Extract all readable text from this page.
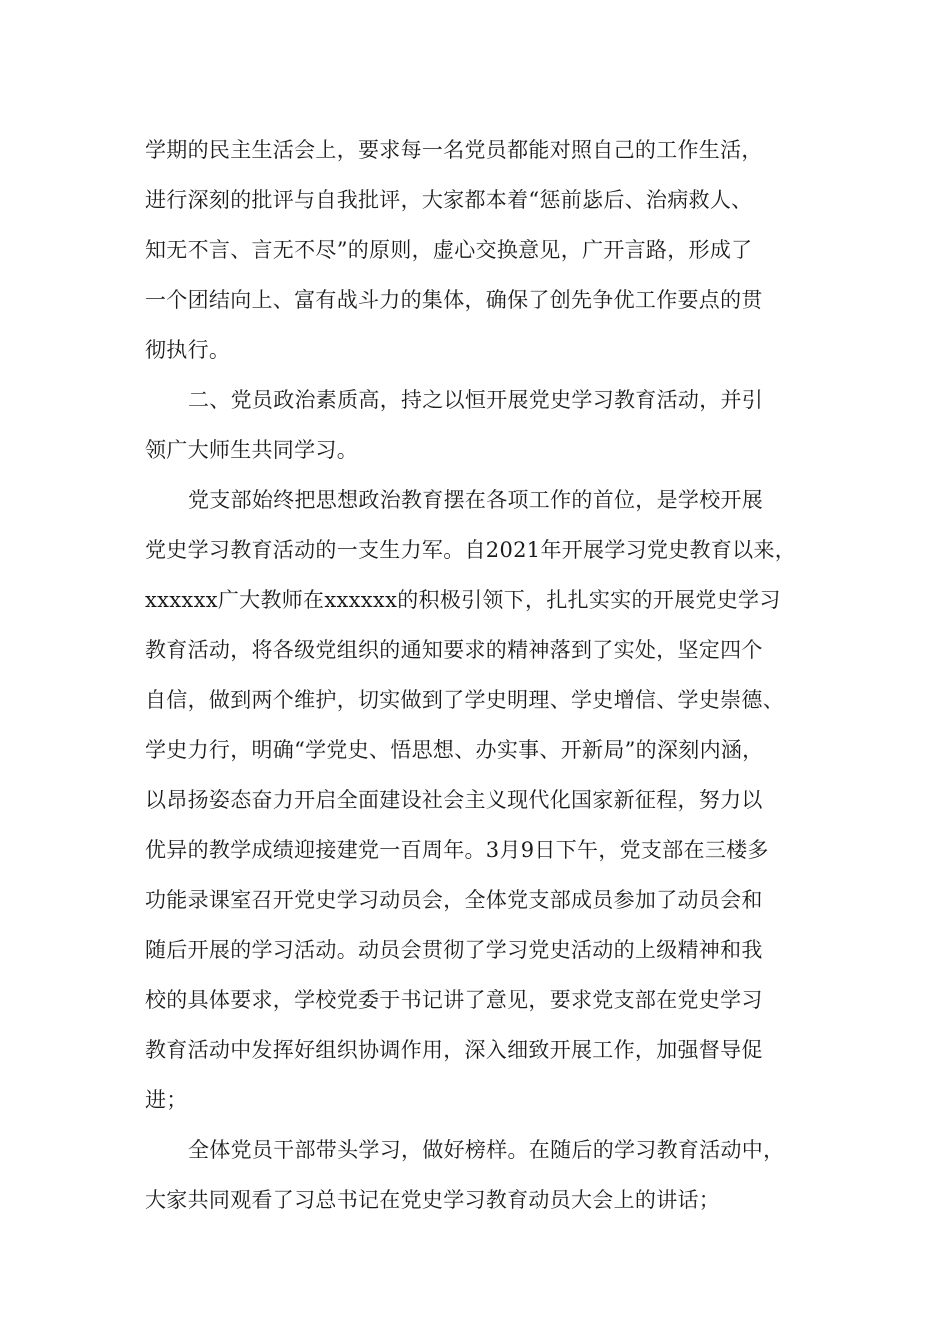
学期的民主生活会上，要求每一名党员都能对照自己的工作生活，
进行深刻的批评与自我批评，大家都本着“惩前毖后、治病救人、
知无不言、言无不尽”的原则，虚心交换意见，广开言路，形成了
一个团结向上、富有战斗力的集体，确保了创先争优工作要点的贯
彻执行。
二、党员政治素质高，持之以恒开展党史学习教育活动，并引
领广大师生共同学习。
党支部始终把思想政治教育摆在各项工作的首位，是学校开展
党史学习教育活动的一支生力军。自2021年开展学习党史教育以来，
xxxxxx广大教师在xxxxxx的积极引领下，扎扎实实的开展党史学习
教育活动，将各级党组织的通知要求的精神落到了实处，坚定四个
自信，做到两个维护，切实做到了学史明理、学史增信、学史崇德、
学史力行，明确“学党史、悟思想、办实事、开新局”的深刻内涵，
以昂扬姿态奋力开启全面建设社会主义现代化国家新征程，努力以
优异的教学成绩迎接建党一百周年。3月9日下午，党支部在三楼多
功能录课室召开党史学习动员会，全体党支部成员参加了动员会和
随后开展的学习活动。动员会贯彻了学习党史活动的上级精神和我
校的具体要求，学校党委于书记讲了意见，要求党支部在党史学习
教育活动中发挥好组织协调作用，深入细致开展工作，加强督导促
进；
全体党员干部带头学习，做好榜样。在随后的学习教育活动中，
大家共同观看了习总书记在党史学习教育动员大会上的讲话；
